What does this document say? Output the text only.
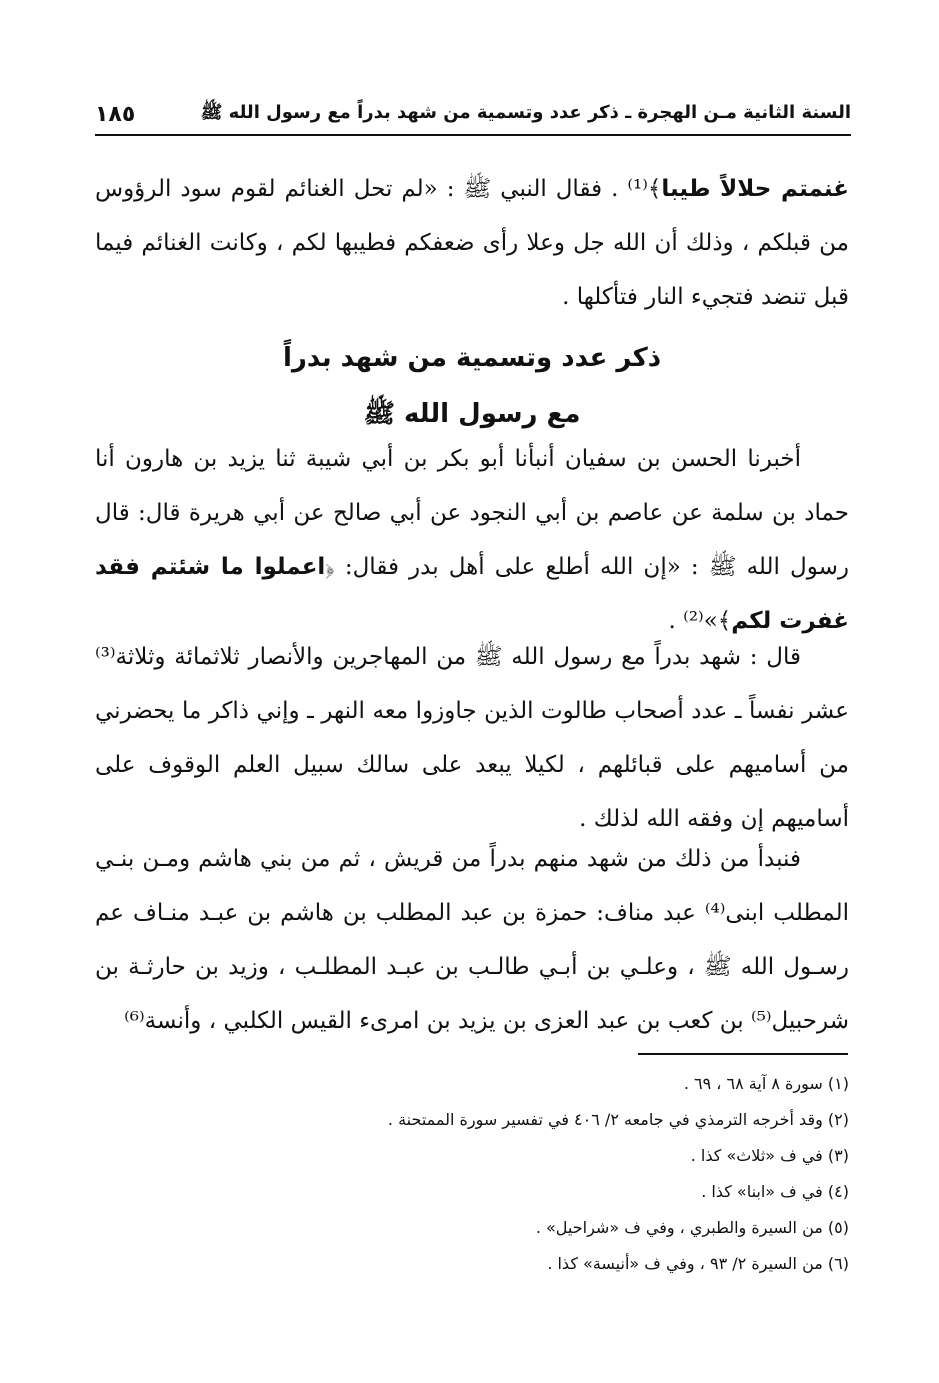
السنة الثانية مـن الهجرة ـ ذكر عدد وتسمية من شهد بدراً مع رسول الله ﷺ
١٨٥
غنمتم حلالاً طيبا﴾⁽¹⁾ . فقال النبي ﷺ : «لم تحل الغنائم لقوم سود الرؤوس من قبلكم ، وذلك أن الله جل وعلا رأى ضعفكم فطيبها لكم ، وكانت الغنائم فيما قبل تنضد فتجيء النار فتأكلها .
ذكر عدد وتسمية من شهد بدراً
مع رسول الله ﷺ
أخبرنا الحسن بن سفيان أنبأنا أبو بكر بن أبي شيبة ثنا يزيد بن هارون أنا حماد بن سلمة عن عاصم بن أبي النجود عن أبي صالح عن أبي هريرة قال: قال رسول الله ﷺ : «إن الله أطلع على أهل بدر فقال: ﴿اعملوا ما شئتم فقد غفرت لكم﴾»⁽²⁾ .
قال : شهد بدراً مع رسول الله ﷺ من المهاجرين والأنصار ثلاثمائة وثلاثة⁽³⁾ عشر نفساً ـ عدد أصحاب طالوت الذين جاوزوا معه النهر ـ وإني ذاكر ما يحضرني من أساميهم على قبائلهم ، لكيلا يبعد على سالك سبيل العلم الوقوف على أساميهم إن وفقه الله لذلك .
فنبدأ من ذلك من شهد منهم بدراً من قريش ، ثم من بني هاشم ومـن بنـي المطلب ابنى⁽⁴⁾ عبد مناف: حمزة بن عبد المطلب بن هاشم بن عبـد منـاف عم رسـول الله ﷺ ، وعلـي بن أبـي طالـب بن عبـد المطلـب ، وزيد بن حارثـة بن شرحبيل⁽⁵⁾ بن كعب بن عبد العزى بن يزيد بن امرىء القيس الكلبي ، وأنسة⁽⁶⁾
(١) سورة ٨ آية ٦٨ ، ٦٩ .
(٢) وقد أخرجه الترمذي في جامعه ٢/ ٤٠٦ في تفسير سورة الممتحنة .
(٣) في ف «ثلاث» كذا .
(٤) في ف «ابنا» كذا .
(٥) من السيرة والطبري ، وفي ف «شراحيل» .
(٦) من السيرة ٢/ ٩٣ ، وفي ف «أنيسة» كذا .
